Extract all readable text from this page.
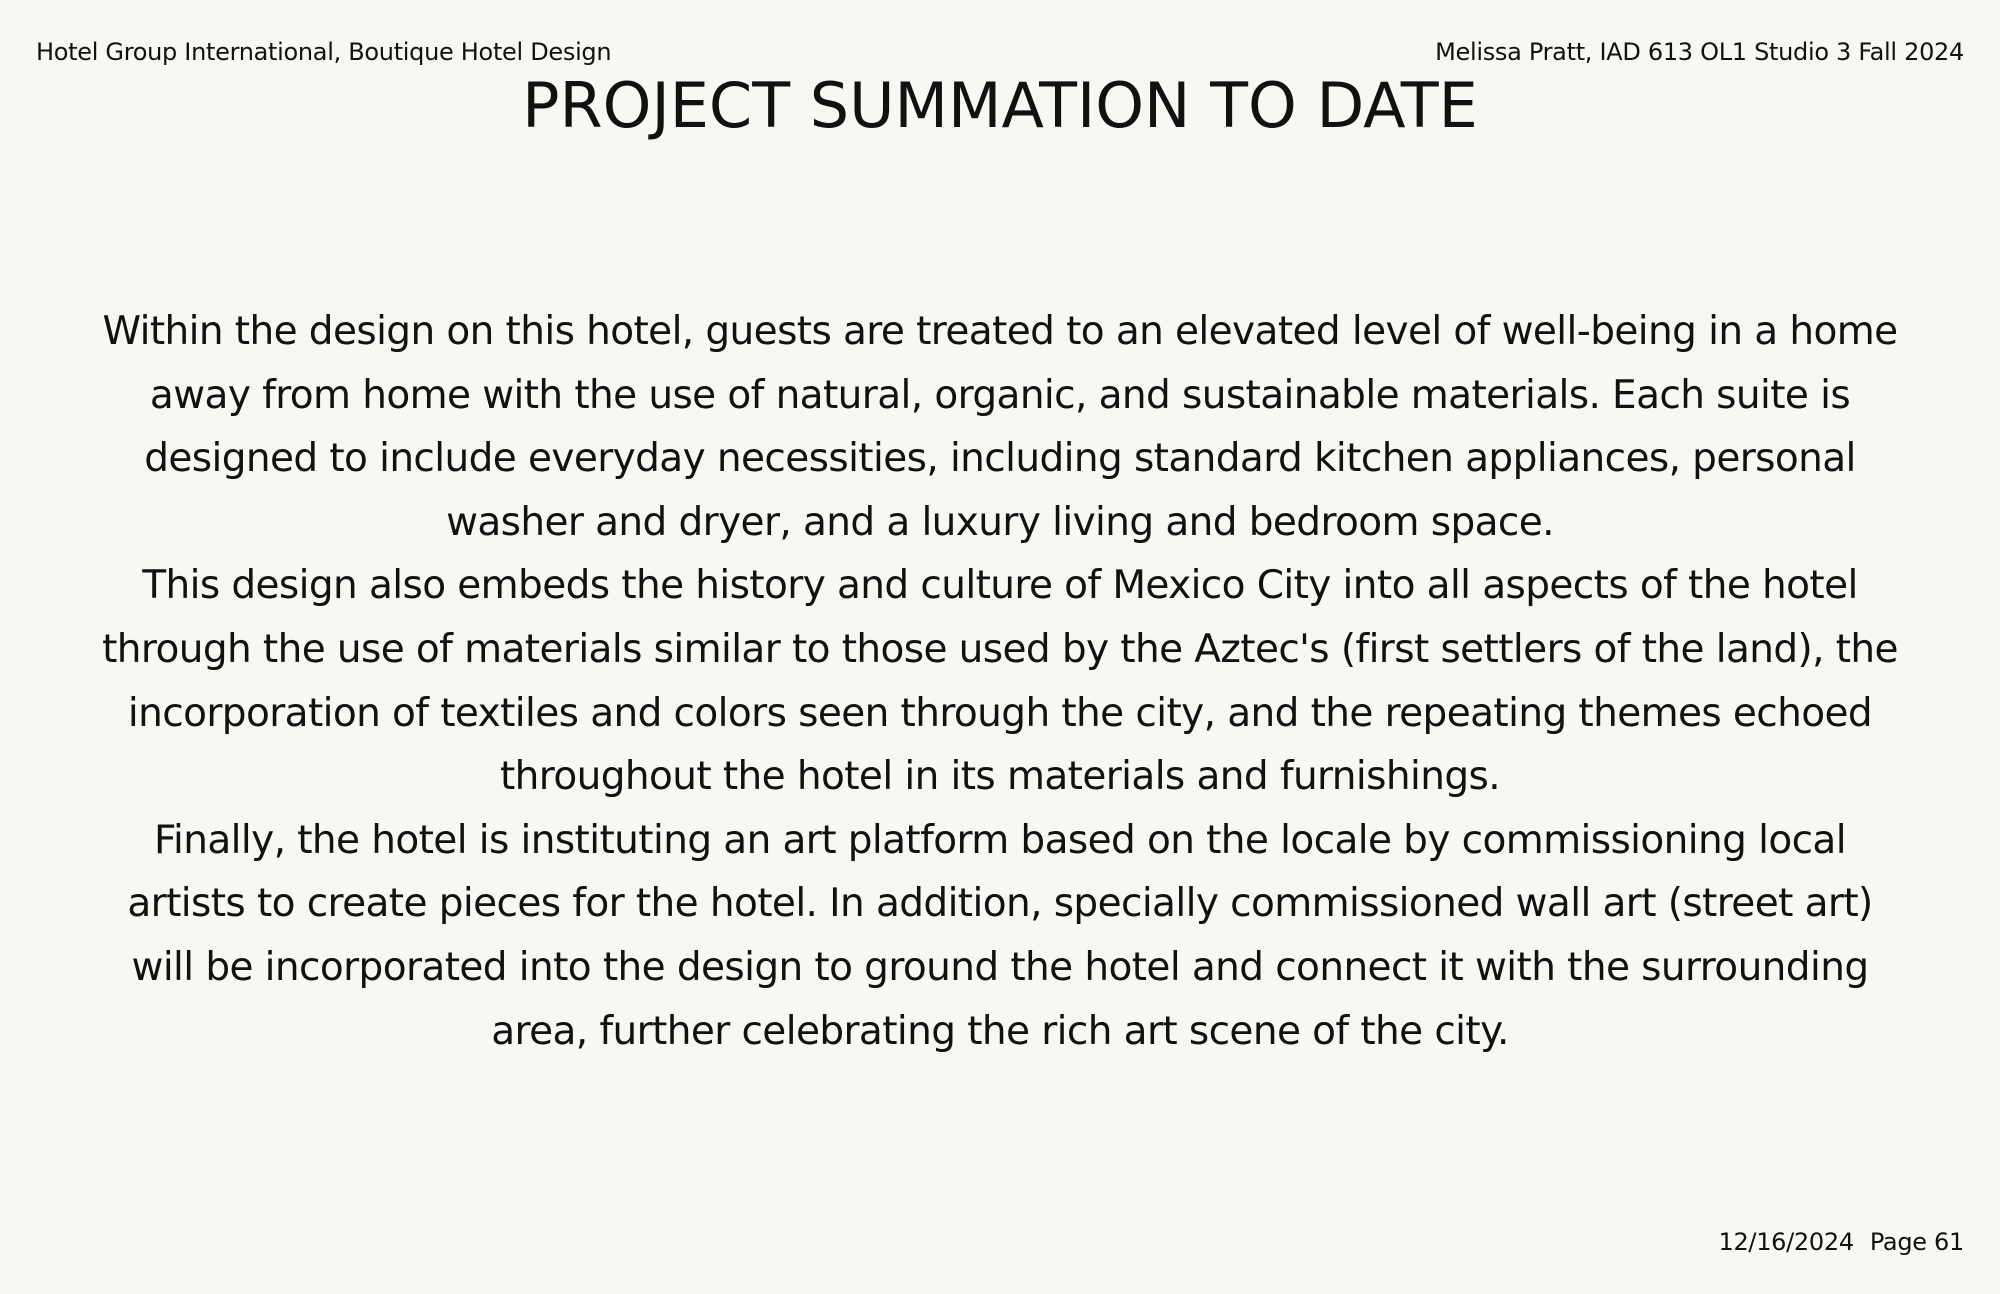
Hotel Group International, Boutique Hotel Design	Melissa Pratt, IAD 613 OL1 Studio 3 Fall 2024
PROJECT SUMMATION TO DATE

Within the design on this hotel, guests are treated to an elevated level of well-being in a home away from home with the use of natural, organic, and sustainable materials. Each suite is designed to include everyday necessities, including standard kitchen appliances, personal washer and dryer, and a luxury living and bedroom space.

This design also embeds the history and culture of Mexico City into all aspects of the hotel through the use of materials similar to those used by the Aztec's (first settlers of the land), the incorporation of textiles and colors seen through the city, and the repeating themes echoed throughout the hotel in its materials and furnishings.

Finally, the hotel is instituting an art platform based on the locale by commissioning local artists to create pieces for the hotel. In addition, specially commissioned wall art (street art) will be incorporated into the design to ground the hotel and connect it with the surrounding area, further celebrating the rich art scene of the city.

12/16/2024 Page 61
